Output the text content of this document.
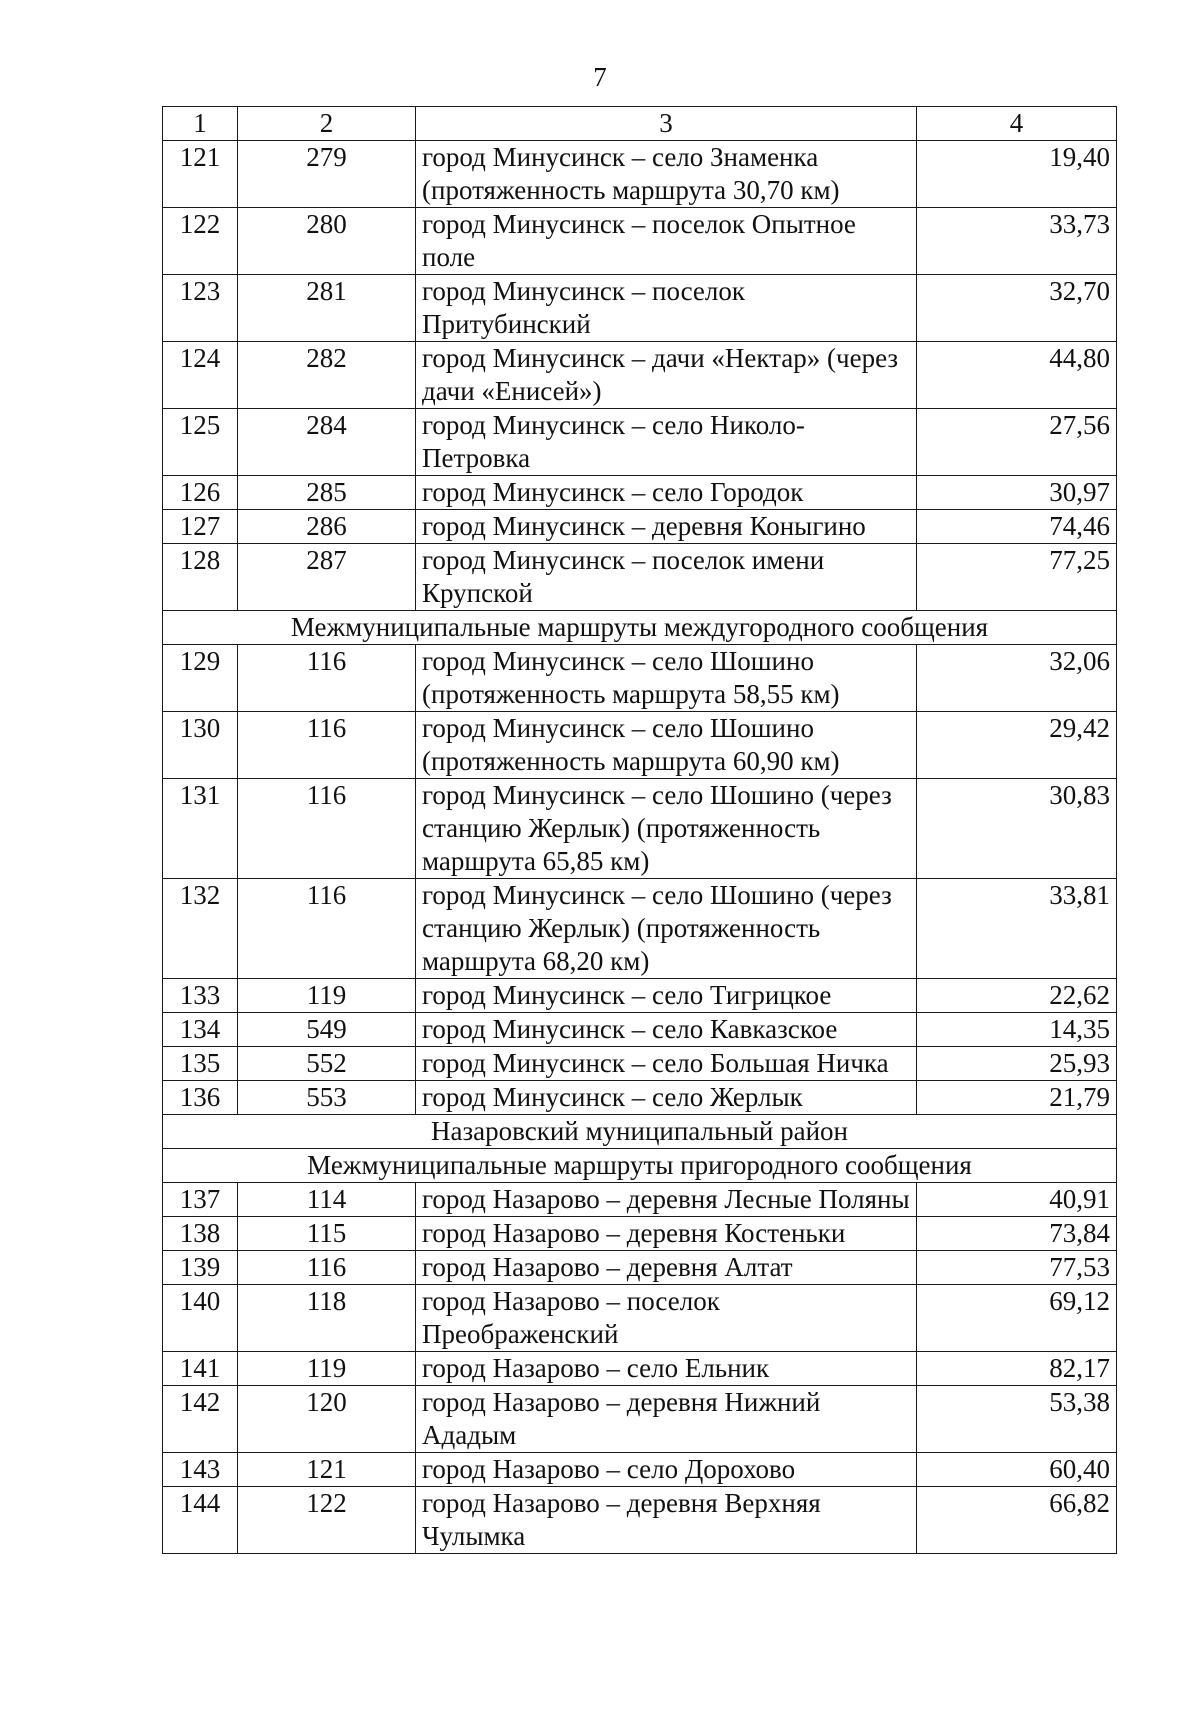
7
1	2	3	4
121	279	город Минусинск – село Знаменка (протяженность маршрута 30,70 км)	19,40
122	280	город Минусинск – поселок Опытное поле	33,73
123	281	город Минусинск – поселок Притубинский	32,70
124	282	город Минусинск – дачи «Нектар» (через дачи «Енисей»)	44,80
125	284	город Минусинск – село Николо-Петровка	27,56
126	285	город Минусинск – село Городок	30,97
127	286	город Минусинск – деревня Коныгино	74,46
128	287	город Минусинск – поселок имени Крупской	77,25
Межмуниципальные маршруты междугородного сообщения			
129	116	город Минусинск – село Шошино (протяженность маршрута 58,55 км)	32,06
130	116	город Минусинск – село Шошино (протяженность маршрута 60,90 км)	29,42
131	116	город Минусинск – село Шошино (через станцию Жерлык) (протяженность маршрута 65,85 км)	30,83
132	116	город Минусинск – село Шошино (через станцию Жерлык) (протяженность маршрута 68,20 км)	33,81
133	119	город Минусинск – село Тигрицкое	22,62
134	549	город Минусинск – село Кавказское	14,35
135	552	город Минусинск – село Большая Ничка	25,93
136	553	город Минусинск – село Жерлык	21,79
Назаровский муниципальный район			
Межмуниципальные маршруты пригородного сообщения			
137	114	город Назарово – деревня Лесные Поляны	40,91
138	115	город Назарово – деревня Костеньки	73,84
139	116	город Назарово – деревня Алтат	77,53
140	118	город Назарово – поселок Преображенский	69,12
141	119	город Назарово – село Ельник	82,17
142	120	город Назарово – деревня Нижний Ададым	53,38
143	121	город Назарово – село Дорохово	60,40
144	122	город Назарово – деревня Верхняя Чулымка	66,82
